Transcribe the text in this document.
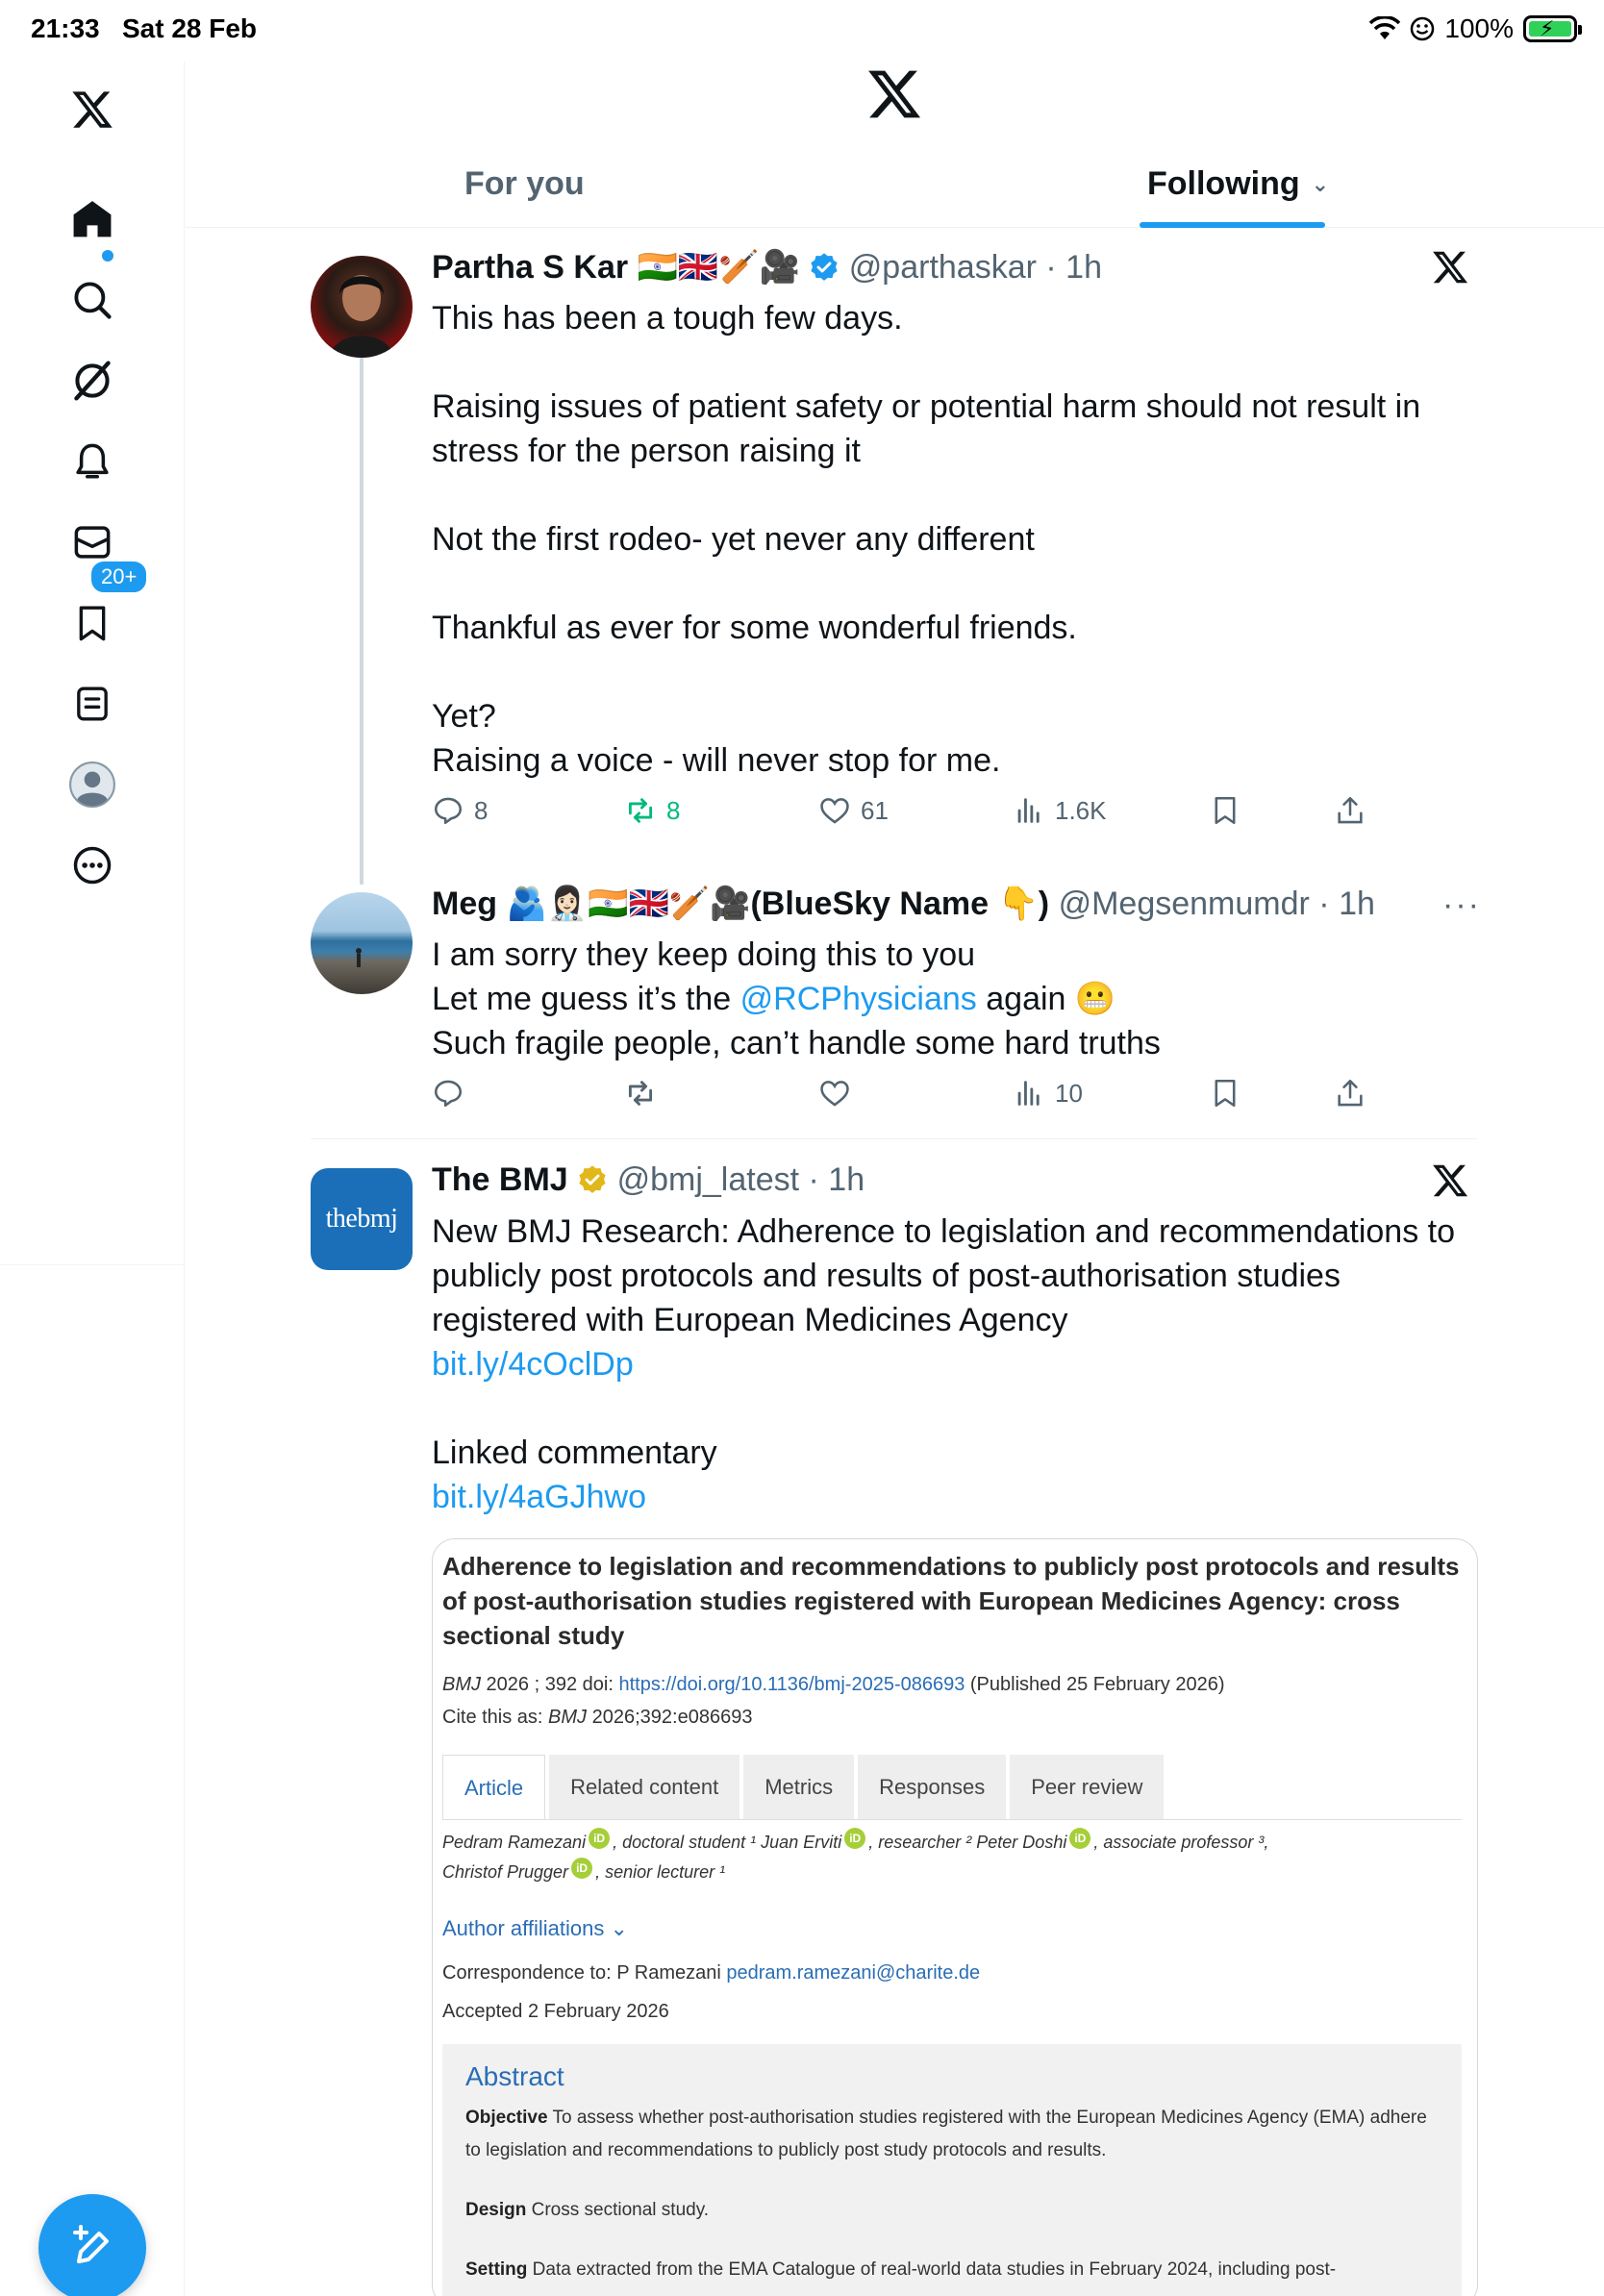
21:33 Sat 28 Feb	100% ⚡
20+
For you	Following ⌄
Partha S Kar 🇮🇳🇬🇧🏏🎥 @parthaskar · 1h

This has been a tough few days.

Raising issues of patient safety or potential harm should not result in stress for the person raising it

Not the first rodeo- yet never any different

Thankful as ever for some wonderful friends.

Yet?

Raising a voice - will never stop for me.

8	8	61	1.6K
Meg 🫂👩🏻‍⚕️🇮🇳🇬🇧🏏🎥(BlueSky Name 👇) @Megsenmumdr · 1h ···

I am sorry they keep doing this to you

Let me guess it’s the @RCPhysicians again 😬

Such fragile people, can’t handle some hard truths

10
thebmj
The BMJ @bmj_latest · 1h

New BMJ Research: Adherence to legislation and recommendations to publicly post protocols and results of post-authorisation studies registered with European Medicines Agency

bit.ly/4cOclDp

Linked commentary

bit.ly/4aGJhwo

Adherence to legislation and recommendations to publicly post protocols and results of post-authorisation studies registered with European Medicines Agency: cross sectional study
BMJ 2026 ; 392 doi: https://doi.org/10.1136/bmj-2025-086693 (Published 25 February 2026)
Cite this as: BMJ 2026;392:e086693
Article	Related content	Metrics	Responses	Peer review
Pedram Ramezani iD , doctoral student ¹ Juan Erviti iD , researcher ² Peter Doshi iD , associate professor ³,
Christof Prugger iD , senior lecturer ¹
Author affiliations ⌄
Correspondence to: P Ramezani pedram.ramezani@charite.de
Accepted 2 February 2026
Abstract

Objective To assess whether post-authorisation studies registered with the European Medicines Agency (EMA) adhere to legislation and recommendations to publicly post study protocols and results.

Design Cross sectional study.

Setting Data extracted from the EMA Catalogue of real-world data studies in February 2024, including post-
